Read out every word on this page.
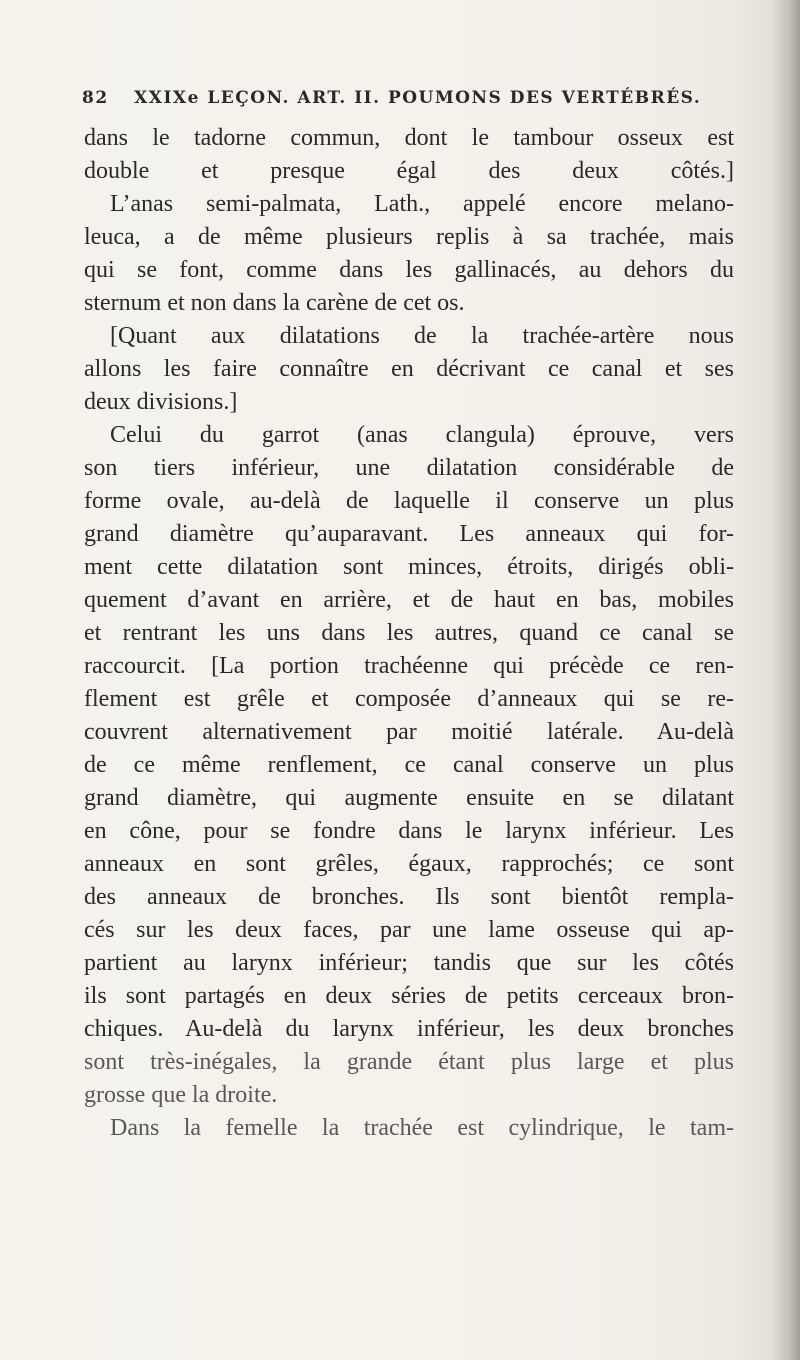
82 XXIXe LEÇON. ART. II. POUMONS DES VERTÉBRÉS.
dans le tadorne commun, dont le tambour osseux est
double et presque égal des deux côtés.]
L’anas semi-palmata, Lath., appelé encore melano-
leuca, a de même plusieurs replis à sa trachée, mais
qui se font, comme dans les gallinacés, au dehors du
sternum et non dans la carène de cet os.
[Quant aux dilatations de la trachée-artère nous
allons les faire connaître en décrivant ce canal et ses
deux divisions.]
Celui du garrot (anas clangula) éprouve, vers
son tiers inférieur, une dilatation considérable de
forme ovale, au-delà de laquelle il conserve un plus
grand diamètre qu’auparavant. Les anneaux qui for-
ment cette dilatation sont minces, étroits, dirigés obli-
quement d’avant en arrière, et de haut en bas, mobiles
et rentrant les uns dans les autres, quand ce canal se
raccourcit. [La portion trachéenne qui précède ce ren-
flement est grêle et composée d’anneaux qui se re-
couvrent alternativement par moitié latérale. Au-delà
de ce même renflement, ce canal conserve un plus
grand diamètre, qui augmente ensuite en se dilatant
en cône, pour se fondre dans le larynx inférieur. Les
anneaux en sont grêles, égaux, rapprochés; ce sont
des anneaux de bronches. Ils sont bientôt rempla-
cés sur les deux faces, par une lame osseuse qui ap-
partient au larynx inférieur; tandis que sur les côtés
ils sont partagés en deux séries de petits cerceaux bron-
chiques. Au-delà du larynx inférieur, les deux bronches
sont très-inégales, la grande étant plus large et plus
grosse que la droite.
Dans la femelle la trachée est cylindrique, le tam-
